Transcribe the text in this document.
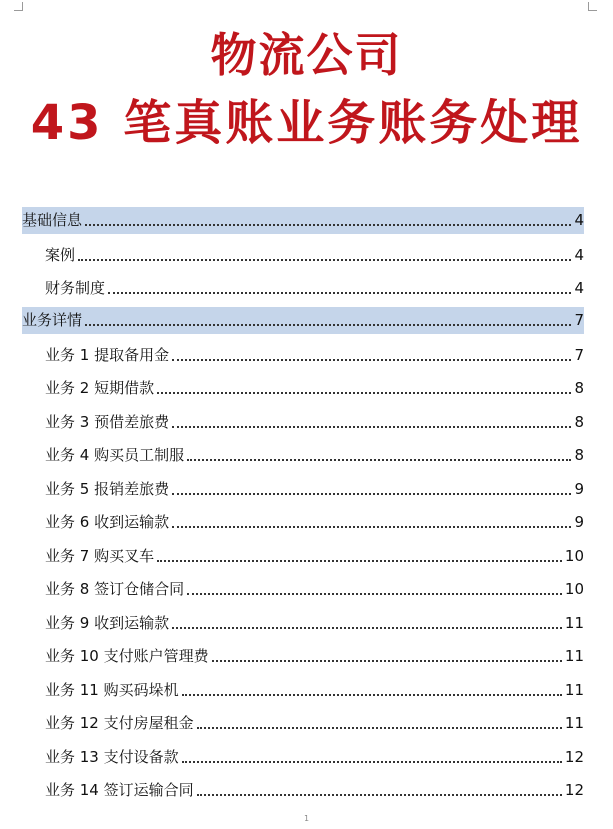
物流公司
43 笔真账业务账务处理
基础信息	4
案例	4
财务制度	4
业务详情	7
业务 1 提取备用金	7
业务 2 短期借款	8
业务 3 预借差旅费	8
业务 4 购买员工制服	8
业务 5 报销差旅费	9
业务 6 收到运输款	9
业务 7 购买叉车	10
业务 8 签订仓储合同	10
业务 9 收到运输款	11
业务 10 支付账户管理费	11
业务 11 购买码垛机	11
业务 12 支付房屋租金	11
业务 13 支付设备款	12
业务 14 签订运输合同	12
1
